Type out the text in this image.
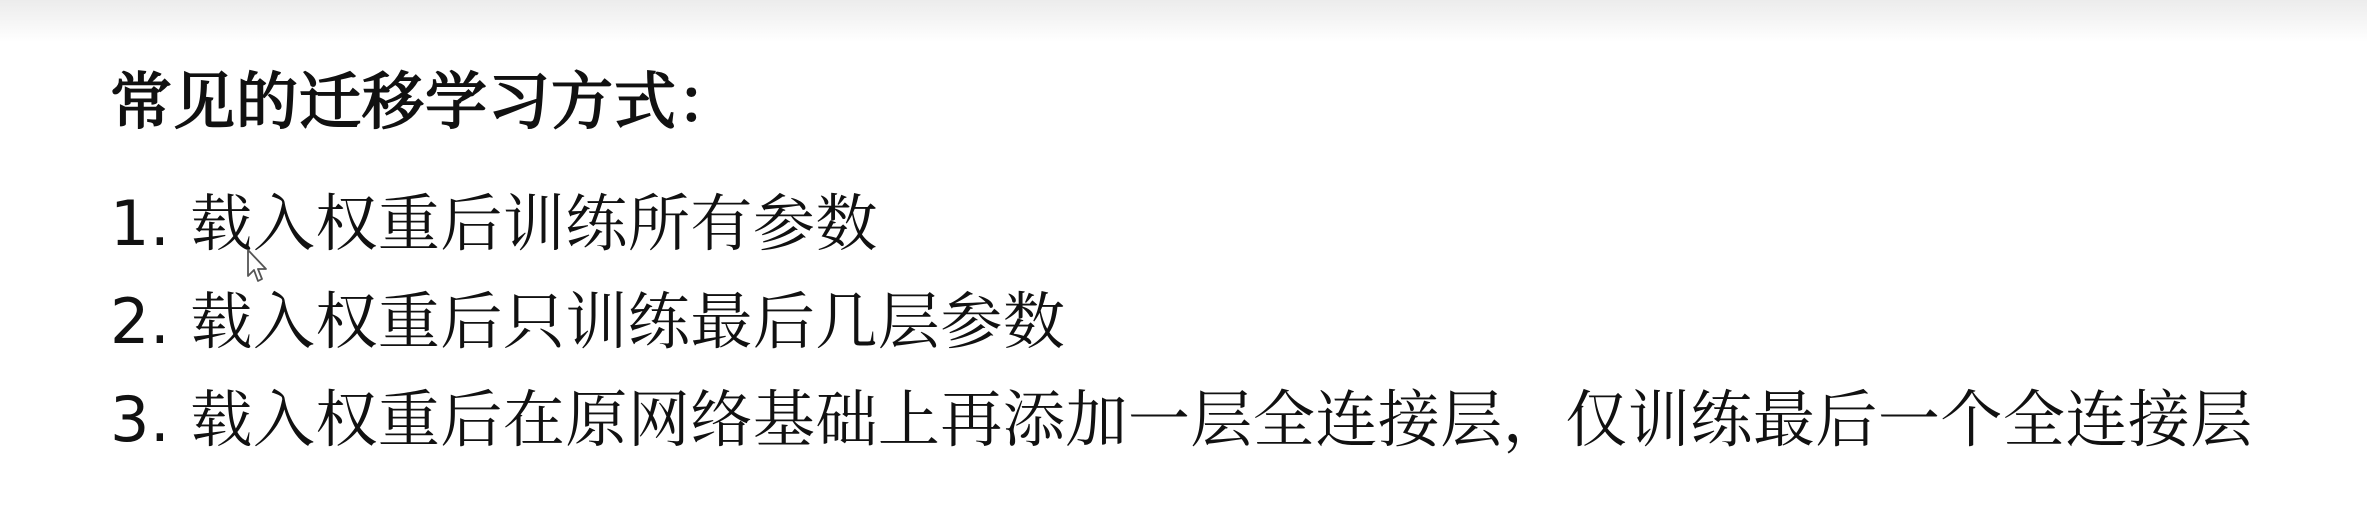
常见的迁移学习方式：
1. 载入权重后训练所有参数
2. 载入权重后只训练最后几层参数
3. 载入权重后在原网络基础上再添加一层全连接层，仅训练最后一个全连接层
